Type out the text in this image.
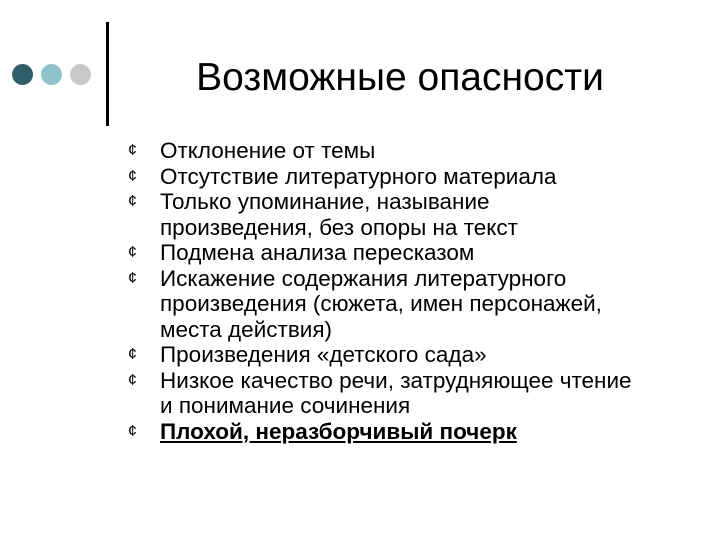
Возможные опасности
¢	Отклонение от темы
¢	Отсутствие литературного материала
¢	Только упоминание, называние произведения, без опоры на текст
¢	Подмена анализа пересказом
¢	Искажение содержания литературного произведения (сюжета, имен персонажей, места действия)
¢	Произведения «детского сада»
¢	Низкое качество речи, затрудняющее чтение и понимание сочинения
¢	Плохой, неразборчивый почерк
